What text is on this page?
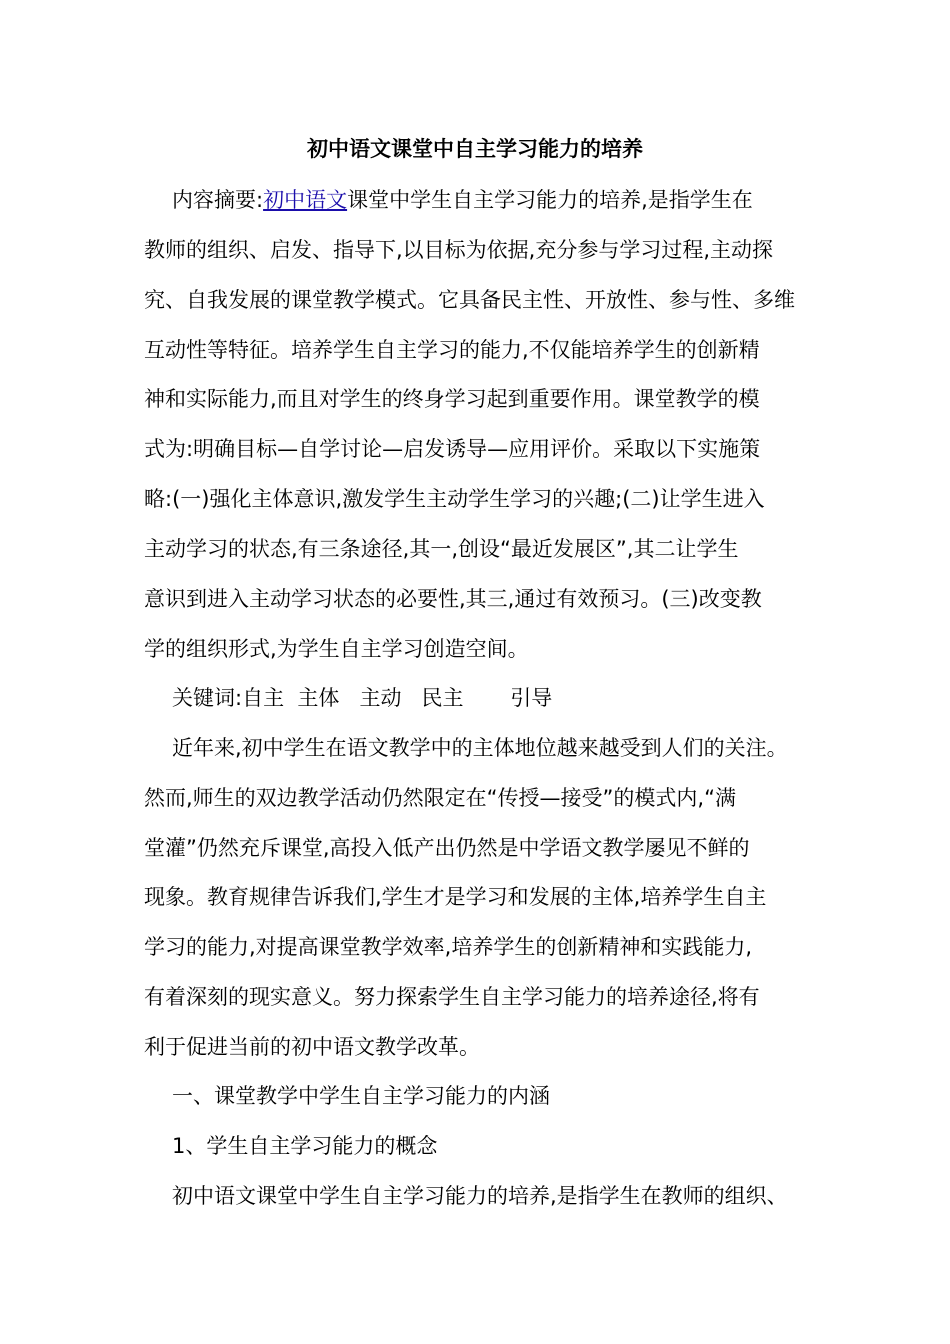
初中语文课堂中自主学习能力的培养

内容摘要:初中语文课堂中学生自主学习能力的培养,是指学生在

教师的组织、启发、指导下,以目标为依据,充分参与学习过程,主动探

究、自我发展的课堂教学模式。它具备民主性、开放性、参与性、多维

互动性等特征。培养学生自主学习的能力,不仅能培养学生的创新精

神和实际能力,而且对学生的终身学习起到重要作用。课堂教学的模

式为:明确目标—自学讨论—启发诱导—应用评价。采取以下实施策

略:(一)强化主体意识,激发学生主动学生学习的兴趣;(二)让学生进入

主动学习的状态,有三条途径,其一,创设“最近发展区”,其二让学生

意识到进入主动学习状态的必要性,其三,通过有效预习。(三)改变教

学的组织形式,为学生自主学习创造空间。

关键词:自主  主体   主动   民主       引导

近年来,初中学生在语文教学中的主体地位越来越受到人们的关注。

然而,师生的双边教学活动仍然限定在“传授—接受”的模式内,“满

堂灌”仍然充斥课堂,高投入低产出仍然是中学语文教学屡见不鲜的

现象。教育规律告诉我们,学生才是学习和发展的主体,培养学生自主

学习的能力,对提高课堂教学效率,培养学生的创新精神和实践能力,

有着深刻的现实意义。努力探索学生自主学习能力的培养途径,将有

利于促进当前的初中语文教学改革。

一、课堂教学中学生自主学习能力的内涵

1、学生自主学习能力的概念

初中语文课堂中学生自主学习能力的培养,是指学生在教师的组织、
